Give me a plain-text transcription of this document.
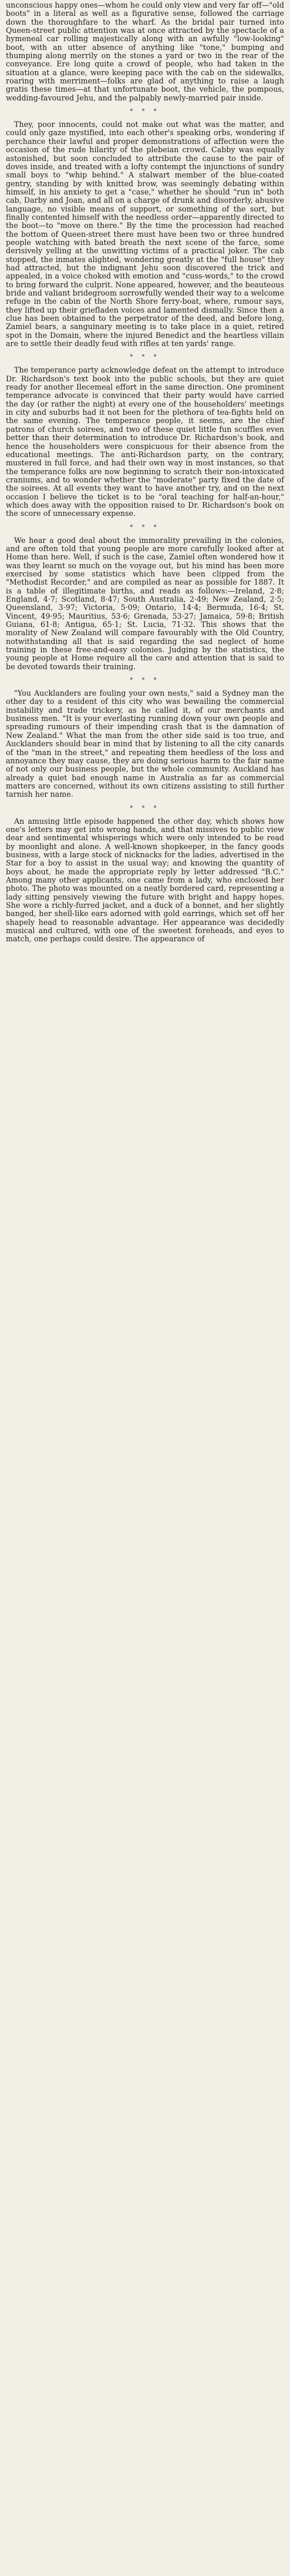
unconscious happy ones—whom he could only view and very far off—"old boots" in a literal as well as a figurative sense, followed the carriage down the thoroughfare to the wharf. As the bridal pair turned into Queen-street public attention was at once attracted by the spectacle of a hymeneal car rolling majestically along with an awfully "low-looking" boot, with an utter absence of anything like "tone," bumping and thumping along merrily on the stones a yard or two in the rear of the conveyance. Ere long quite a crowd of people, who had taken in the situation at a glance, were keeping pace with the cab on the sidewalks, roaring with merriment—folks are glad of anything to raise a laugh gratis these times—at that unfortunate boot, the vehicle, the pompous, wedding-favoured Jehu, and the palpably newly-married pair inside.

* * *

They, poor innocents, could not make out what was the matter, and could only gaze mystified, into each other's speaking orbs, wondering if perchance their lawful and proper demonstrations of affection were the occasion of the rude hilarity of the plebeian crowd. Cabby was equally astonished, but soon concluded to attribute the cause to the pair of doves inside, and treated with a lofty contempt the injunctions of sundry small boys to "whip behind." A stalwart member of the blue-coated gentry, standing by with knitted brow, was seemingly debating within himself, in his anxiety to get a "case," whether he should "run in" both cab, Darby and Joan, and all on a charge of drunk and disorderly, abusive language, no visible means of support, or something of the sort, but finally contented himself with the needless order—apparently directed to the boot—to "move on there." By the time the procession had reached the bottom of Queen-street there must have been two or three hundred people watching with bated breath the next scene of the farce, some derisively yelling at the unwitting victims of a practical joker. The cab stopped, the inmates alighted, wondering greatly at the "full house" they had attracted, but the indignant Jehu soon discovered the trick and appealed, in a voice choked with emotion and "cuss-words," to the crowd to bring forward the culprit. None appeared, however, and the beauteous bride and valiant bridegroom sorrowfully wended their way to a welcome refuge in the cabin of the North Shore ferry-boat, where, rumour says, they lifted up their griefladen voices and lamented dismally. Since then a clue has been obtained to the perpetrator of the deed, and before long, Zamiel bears, a sanguinary meeting is to take place in a quiet, retired spot in the Domain, where the injured Benedict and the heartless villain are to settle their deadly feud with rifles at ten yards' range.

* * *

The temperance party acknowledge defeat on the attempt to introduce Dr. Richardson's text book into the public schools, but they are quiet ready for another Ilecemeal effort in the same direction. One prominent temperance advocate is convinced that their party would have carried the day (or rather the night) at every one of the householders' meetings in city and suburbs had it not been for the plethora of tea-fights held on the same evening. The temperance people, it seems, are the chief patrons of church soirees, and two of these quiet little fun scuffles even better than their determination to introduce Dr. Richardson's book, and hence the householders were conspicuous for their absence from the educational meetings. The anti-Richardson party, on the contrary, mustered in full force, and had their own way in most instances, so that the temperance folks are now beginning to scratch their non-intoxicated craniums, and to wonder whether the "moderate" party fixed the date of the soirees. At all events they want to have another try, and on the next occasion I believe the ticket is to be "oral teaching for half-an-hour," which does away with the opposition raised to Dr. Richardson's book on the score of unnecessary expense.

* * *

We hear a good deal about the immorality prevailing in the colonies, and are often told that young people are more carefully looked after at Home than here. Well, if such is the case, Zamiel often wondered how it was they learnt so much on the voyage out, but his mind has been more exercised by some statistics which have been clipped from the "Methodist Recorder," and are compiled as near as possible for 1887. It is a table of illegitimate births, and reads as follows:—Ireland, 2·8; England, 4·7; Scotland, 8·47; South Australia, 2·49; New Zealand, 2·5; Queensland, 3·97; Victoria, 5·09; Ontario, 14·4; Bermuda, 16·4; St. Vincent, 49·95; Mauritius, 53·6; Grenada, 53·27; Jamaica, 59·8; British Guiana, 61·8; Antigua, 65·1; St. Lucia, 71·32. This shows that the morality of New Zealand will compare favourably with the Old Country, notwithstanding all that is said regarding the sad neglect of home training in these free-and-easy colonies. Judging by the statistics, the young people at Home require all the care and attention that is said to be devoted towards their training.

* * *

"You Aucklanders are fouling your own nests," said a Sydney man the other day to a resident of this city who was bewailing the commercial instability and trade trickery, as he called it, of our merchants and business men. "It is your everlasting running down your own people and spreading rumours of their impending crash that is the damnation of New Zealand." What the man from the other side said is too true, and Aucklanders should bear in mind that by listening to all the city canards of the "man in the street," and repeating them heedless of the loss and annoyance they may cause, they are doing serious harm to the fair name of not only our business people, but the whole community. Auckland has already a quiet bad enough name in Australia as far as commercial matters are concerned, without its own citizens assisting to still further tarnish her name.

* * *

An amusing little episode happened the other day, which shows how one's letters may get into wrong hands, and that missives to public view dear and sentimental whisperings which were only intended to be read by moonlight and alone. A well-known shopkeeper, in the fancy goods business, with a large stock of nicknacks for the ladies, advertised in the Star for a boy to assist in the usual way; and knowing the quantity of boys about, he made the appropriate reply by letter addressed "B.C." Among many other applicants, one came from a lady, who enclosed her photo. The photo was mounted on a neatly bordered card, representing a lady sitting pensively viewing the future with bright and happy hopes. She wore a richly-furred jacket, and a duck of a bonnet, and her slightly banged, her shell-like ears adorned with gold earrings, which set off her shapely head to reasonable advantage. Her appearance was decidedly musical and cultured, with one of the sweetest foreheads, and eyes to match, one perhaps could desire. The appearance of
